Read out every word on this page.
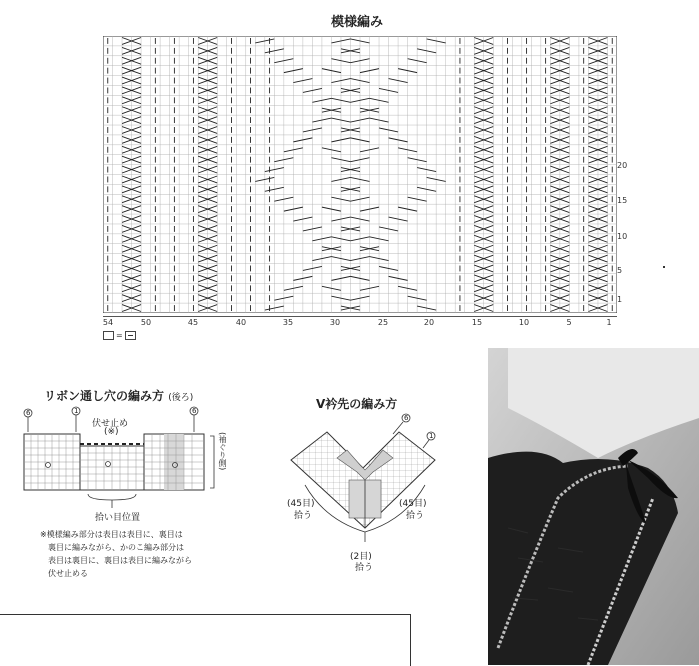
模様編み
20
15
10
5
1
54	50	45	40	35	30	25	20	15	10	5	1
=
リボン通し穴の編み方 (後ろ)
6	1	6
伏せ止め
(※)	(袖ぐり側)
拾い目位置
※模様編み部分は表目は表目に、裏目は
裏目に編みながら、かのこ編み部分は
表目は裏目に、裏目は表目に編みながら
伏せ止める
V衿先の編み方
6
1
(45目)
拾う
(45目)
拾う
(2目)
拾う
